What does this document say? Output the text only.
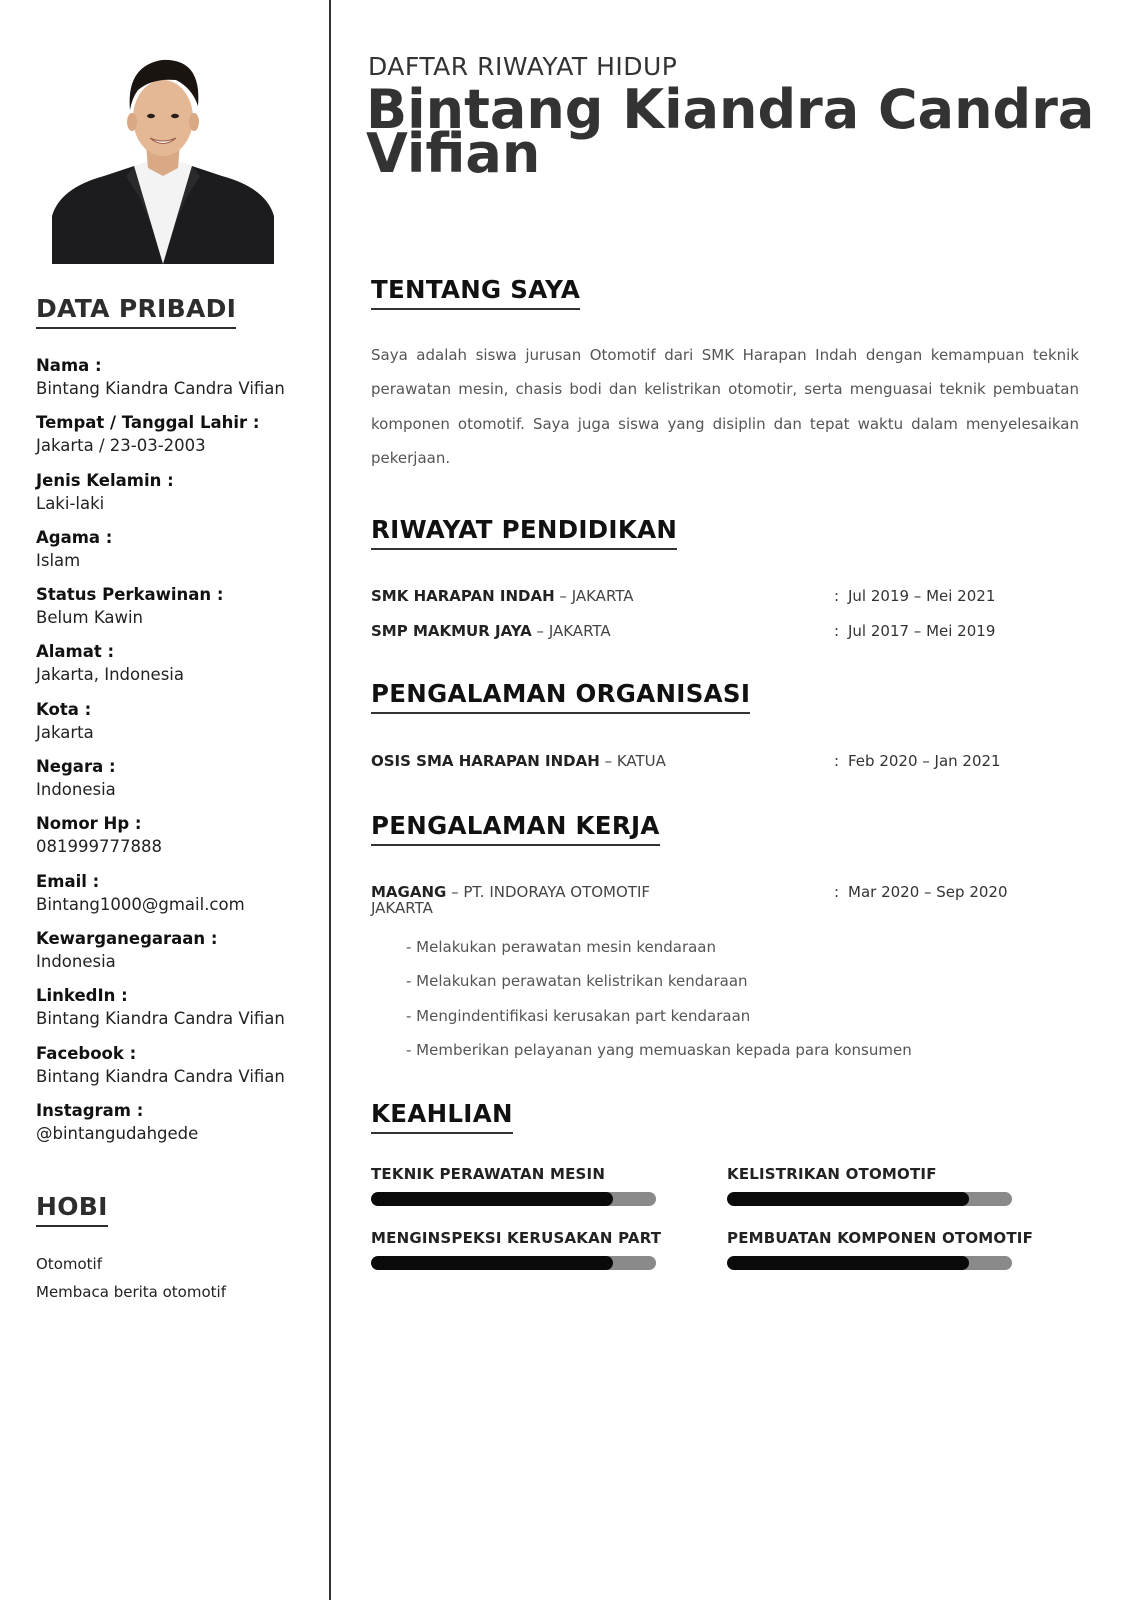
DATA PRIBADI
Nama :
Bintang Kiandra Candra Vifian
Tempat / Tanggal Lahir :
Jakarta / 23-03-2003
Jenis Kelamin :
Laki-laki
Agama :
Islam
Status Perkawinan :
Belum Kawin
Alamat :
Jakarta, Indonesia
Kota :
Jakarta
Negara :
Indonesia
Nomor Hp :
081999777888
Email :
Bintang1000@gmail.com
Kewarganegaraan :
Indonesia
LinkedIn :
Bintang Kiandra Candra Vifian
Facebook :
Bintang Kiandra Candra Vifian
Instagram :
@bintangudahgede
HOBI
Otomotif
Membaca berita otomotif
DAFTAR RIWAYAT HIDUP
Bintang Kiandra Candra Vifian
TENTANG SAYA

Saya adalah siswa jurusan Otomotif dari SMK Harapan Indah dengan kemampuan teknik perawatan mesin, chasis bodi dan kelistrikan otomotir, serta menguasai teknik pembuatan komponen otomotif. Saya juga siswa yang disiplin dan tepat waktu dalam menyelesaikan pekerjaan.

RIWAYAT PENDIDIKAN
SMK HARAPAN INDAH – JAKARTA	: Jul 2019 – Mei 2021
SMP MAKMUR JAYA – JAKARTA	: Jul 2017 – Mei 2019
PENGALAMAN ORGANISASI
OSIS SMA HARAPAN INDAH – KATUA	: Feb 2020 – Jan 2021
PENGALAMAN KERJA
MAGANG – PT. INDORAYA OTOMOTIF	: Mar 2020 – Sep 2020
JAKARTA
- Melakukan perawatan mesin kendaraan
- Melakukan perawatan kelistrikan kendaraan
- Mengindentifikasi kerusakan part kendaraan
- Memberikan pelayanan yang memuaskan kepada para konsumen
KEAHLIAN
TEKNIK PERAWATAN MESIN	KELISTRIKAN OTOMOTIF
MENGINSPEKSI KERUSAKAN PART	PEMBUATAN KOMPONEN OTOMOTIF
